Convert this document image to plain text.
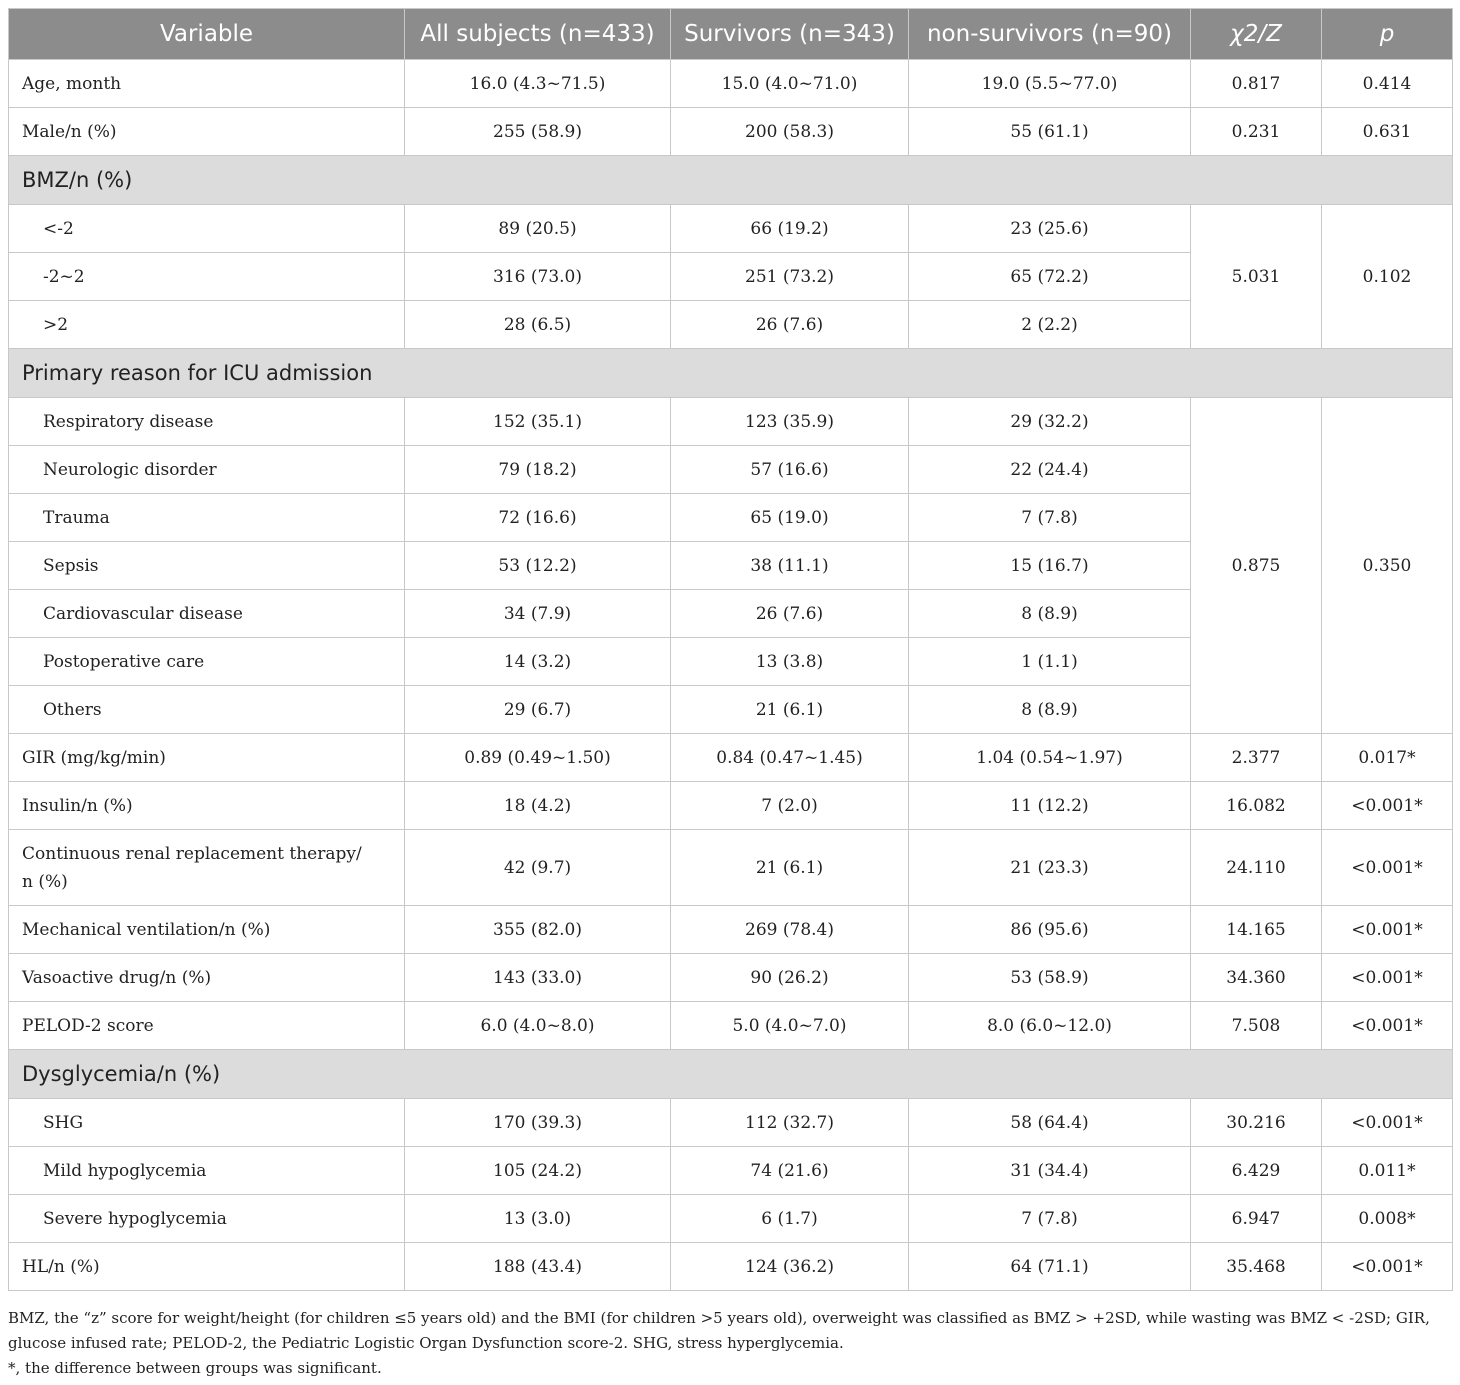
Variable	All subjects (n=433)	Survivors (n=343)	non-survivors (n=90)	χ2/Z	p
Age, month	16.0 (4.3~71.5)	15.0 (4.0~71.0)	19.0 (5.5~77.0)	0.817	0.414
Male/n (%)	255 (58.9)	200 (58.3)	55 (61.1)	0.231	0.631
BMZ/n (%)					
<-2	89 (20.5)	66 (19.2)	23 (25.6)	5.031	0.102
-2~2	316 (73.0)	251 (73.2)	65 (72.2)		
>2	28 (6.5)	26 (7.6)	2 (2.2)		
Primary reason for ICU admission					
Respiratory disease	152 (35.1)	123 (35.9)	29 (32.2)	0.875	0.350
Neurologic disorder	79 (18.2)	57 (16.6)	22 (24.4)		
Trauma	72 (16.6)	65 (19.0)	7 (7.8)		
Sepsis	53 (12.2)	38 (11.1)	15 (16.7)		
Cardiovascular disease	34 (7.9)	26 (7.6)	8 (8.9)		
Postoperative care	14 (3.2)	13 (3.8)	1 (1.1)		
Others	29 (6.7)	21 (6.1)	8 (8.9)		
GIR (mg/kg/min)	0.89 (0.49~1.50)	0.84 (0.47~1.45)	1.04 (0.54~1.97)	2.377	0.017*
Insulin/n (%)	18 (4.2)	7 (2.0)	11 (12.2)	16.082	<0.001*

Continuous renal replacement therapy/
n (%)	42 (9.7)	21 (6.1)	21 (23.3)	24.110	<0.001*
Mechanical ventilation/n (%)	355 (82.0)	269 (78.4)	86 (95.6)	14.165	<0.001*
Vasoactive drug/n (%)	143 (33.0)	90 (26.2)	53 (58.9)	34.360	<0.001*
PELOD-2 score	6.0 (4.0~8.0)	5.0 (4.0~7.0)	8.0 (6.0~12.0)	7.508	<0.001*
Dysglycemia/n (%)					
SHG	170 (39.3)	112 (32.7)	58 (64.4)	30.216	<0.001*
Mild hypoglycemia	105 (24.2)	74 (21.6)	31 (34.4)	6.429	0.011*
Severe hypoglycemia	13 (3.0)	6 (1.7)	7 (7.8)	6.947	0.008*
HL/n (%)	188 (43.4)	124 (36.2)	64 (71.1)	35.468	<0.001*

BMZ, the “z” score for weight/height (for children ≤5 years old) and the BMI (for children >5 years old), overweight was classified as BMZ > +2SD, while wasting was BMZ < -2SD; GIR, glucose infused rate; PELOD-2, the Pediatric Logistic Organ Dysfunction score-2. SHG, stress hyperglycemia.

*, the difference between groups was significant.
